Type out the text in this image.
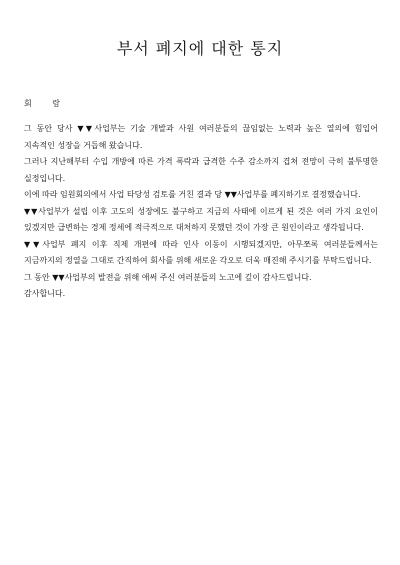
부서 폐지에 대한 통지
회 람

그 동안 당사 ▼▼사업부는 기술 개발과 사원 여러분들의 끊임없는 노력과 높은 열의에 힘입어 지속적인 성장을 거듭해 왔습니다.

그러나 지난해부터 수입 개방에 따른 가격 폭락과 급격한 수주 감소까지 겹쳐 전망이 극히 불투명한 실정입니다.

이에 따라 임원회의에서 사업 타당성 검토를 거친 결과 당 ▼▼사업부를 폐지하기로 결정했습니다.

▼▼사업부가 설립 이후 고도의 성장에도 불구하고 지금의 사태에 이르게 된 것은 여러 가지 요인이 있겠지만 급변하는 경제 정세에 적극적으로 대처하지 못했던 것이 가장 큰 원인이라고 생각됩니다.

▼▼사업부 폐지 이후 직제 개편에 따라 인사 이동이 시행되겠지만, 아무쪼록 여러분들께서는 지금까지의 정열을 그대로 간직하여 회사를 위해 새로운 각오로 더욱 매진해 주시기를 부탁드립니다.

그 동안 ▼▼사업부의 발전을 위해 애써 주신 여러분들의 노고에 깊이 감사드립니다.

감사합니다.
